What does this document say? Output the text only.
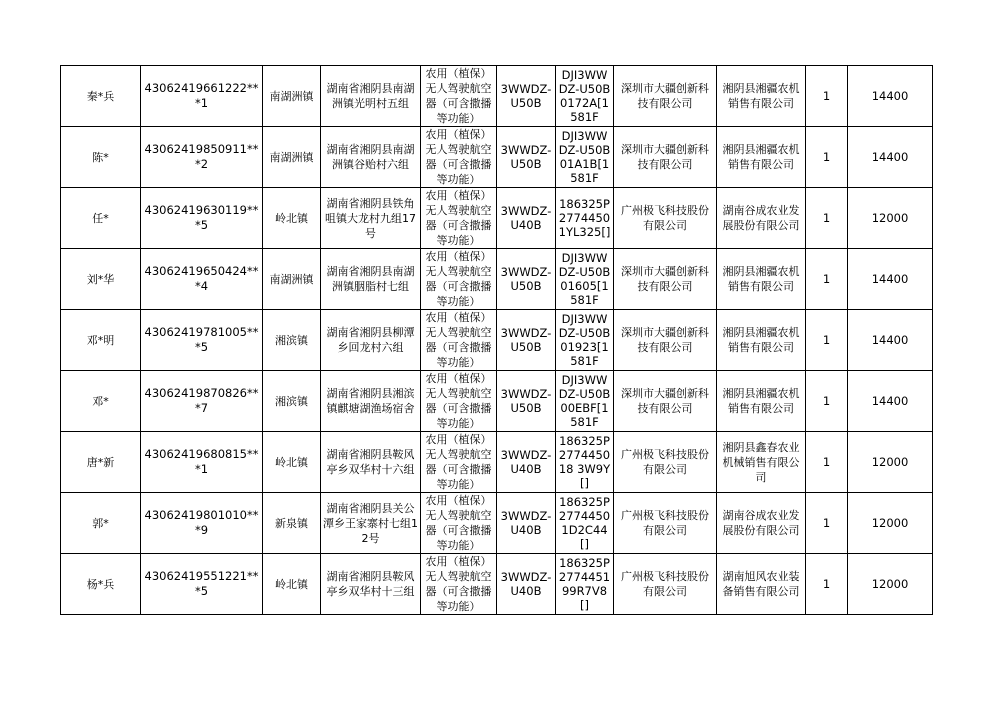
秦*兵	43062419661222***1	南湖洲镇	湖南省湘阴县南湖洲镇光明村五组	农用（植保）无人驾驶航空器（可含撒播等功能）	3WWDZ-U50B	DJI3WWDZ-U50B0172A[1581F	深圳市大疆创新科技有限公司	湘阴县湘疆农机销售有限公司	1	14400
陈*	43062419850911***2	南湖洲镇	湖南省湘阴县南湖洲镇谷贻村六组	农用（植保）无人驾驶航空器（可含撒播等功能）	3WWDZ-U50B	DJI3WWDZ-U50B01A1B[1581F	深圳市大疆创新科技有限公司	湘阴县湘疆农机销售有限公司	1	14400
任*	43062419630119***5	岭北镇	湖南省湘阴县铁角咀镇大龙村九组17号	农用（植保）无人驾驶航空器（可含撒播等功能）	3WWDZ-U40B	186325P27744501YL325[]	广州极飞科技股份有限公司	湖南谷成农业发展股份有限公司	1	12000
刘*华	43062419650424***4	南湖洲镇	湖南省湘阴县南湖洲镇胭脂村七组	农用（植保）无人驾驶航空器（可含撒播等功能）	3WWDZ-U50B	DJI3WWDZ-U50B01605[1581F	深圳市大疆创新科技有限公司	湘阴县湘疆农机销售有限公司	1	14400
邓*明	43062419781005***5	湘滨镇	湖南省湘阴县柳潭乡回龙村六组	农用（植保）无人驾驶航空器（可含撒播等功能）	3WWDZ-U50B	DJI3WWDZ-U50B01923[1581F	深圳市大疆创新科技有限公司	湘阴县湘疆农机销售有限公司	1	14400
邓*	43062419870826***7	湘滨镇	湖南省湘阴县湘滨镇麒塘湖渔场宿舍	农用（植保）无人驾驶航空器（可含撒播等功能）	3WWDZ-U50B	DJI3WWDZ-U50B00EBF[1581F	深圳市大疆创新科技有限公司	湘阴县湘疆农机销售有限公司	1	14400
唐*新	43062419680815***1	岭北镇	湖南省湘阴县鞍风亭乡双华村十六组	农用（植保）无人驾驶航空器（可含撒播等功能）	3WWDZ-U40B	186325P277445018 3W9Y[]	广州极飞科技股份有限公司	湘阴县鑫春农业机械销售有限公司	1	12000
郭*	43062419801010***9	新泉镇	湖南省湘阴县关公潭乡王家寨村七组12号	农用（植保）无人驾驶航空器（可含撒播等功能）	3WWDZ-U40B	186325P27744501D2C44[]	广州极飞科技股份有限公司	湖南谷成农业发展股份有限公司	1	12000
杨*兵	43062419551221***5	岭北镇	湖南省湘阴县鞍风亭乡双华村十三组	农用（植保）无人驾驶航空器（可含撒播等功能）	3WWDZ-U40B	186325P277445199R7V8[]	广州极飞科技股份有限公司	湖南旭风农业装备销售有限公司	1	12000
